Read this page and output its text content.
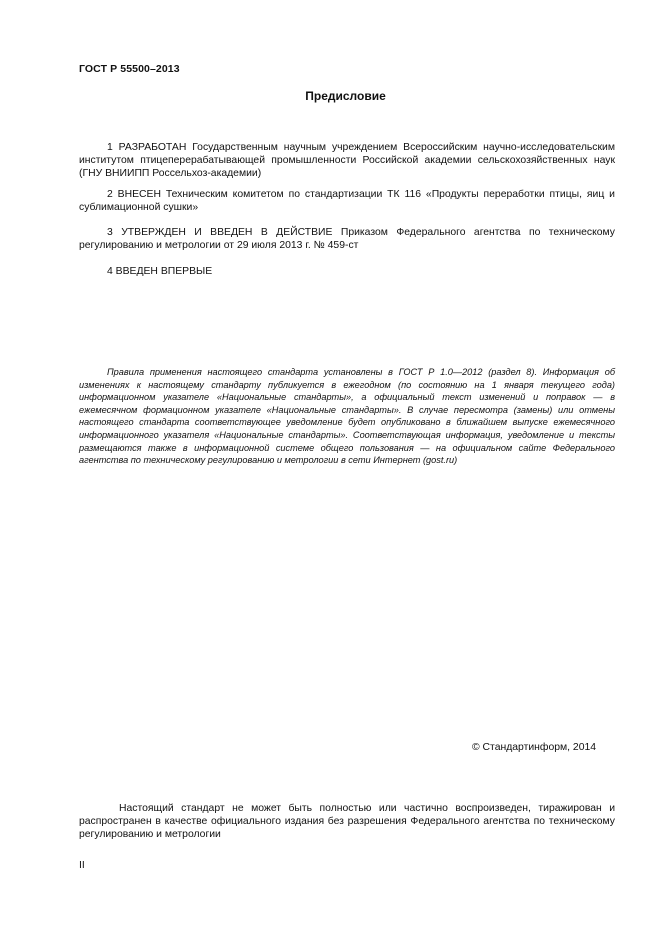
ГОСТ Р 55500–2013
Предисловие
1 РАЗРАБОТАН Государственным научным учреждением Всероссийским научно-исследовательским институтом птицеперерабатывающей промышленности Российской академии сельскохозяйственных наук (ГНУ ВНИИПП Россельхоз-академии)
2 ВНЕСЕН Техническим комитетом по стандартизации ТК 116 «Продукты переработки птицы, яиц и сублимационной сушки»
3 УТВЕРЖДЕН И ВВЕДЕН В ДЕЙСТВИЕ Приказом Федерального агентства по техническому регулированию и метрологии от 29 июля 2013 г. № 459-ст
4 ВВЕДЕН ВПЕРВЫЕ
Правила применения настоящего стандарта установлены в ГОСТ Р 1.0—2012 (раздел 8). Информация об изменениях к настоящему стандарту публикуется в ежегодном (по состоянию на 1 января текущего года) информационном указателе «Национальные стандарты», а официальный текст изменений и поправок — в ежемесячном формационном указателе «Национальные стандарты». В случае пересмотра (замены) или отмены настоящего стандарта соответствующее уведомление будет опубликовано в ближайшем выпуске ежемесячного информационного указателя «Национальные стандарты». Соответствующая информация, уведомление и тексты размещаются также в информационной системе общего пользования — на официальном сайте Федерального агентства по техническому регулированию и метрологии в сети Интернет (gost.ru)
© Стандартинформ, 2014
Настоящий стандарт не может быть полностью или частично воспроизведен, тиражирован и распространен в качестве официального издания без разрешения Федерального агентства по техническому регулированию и метрологии
II
